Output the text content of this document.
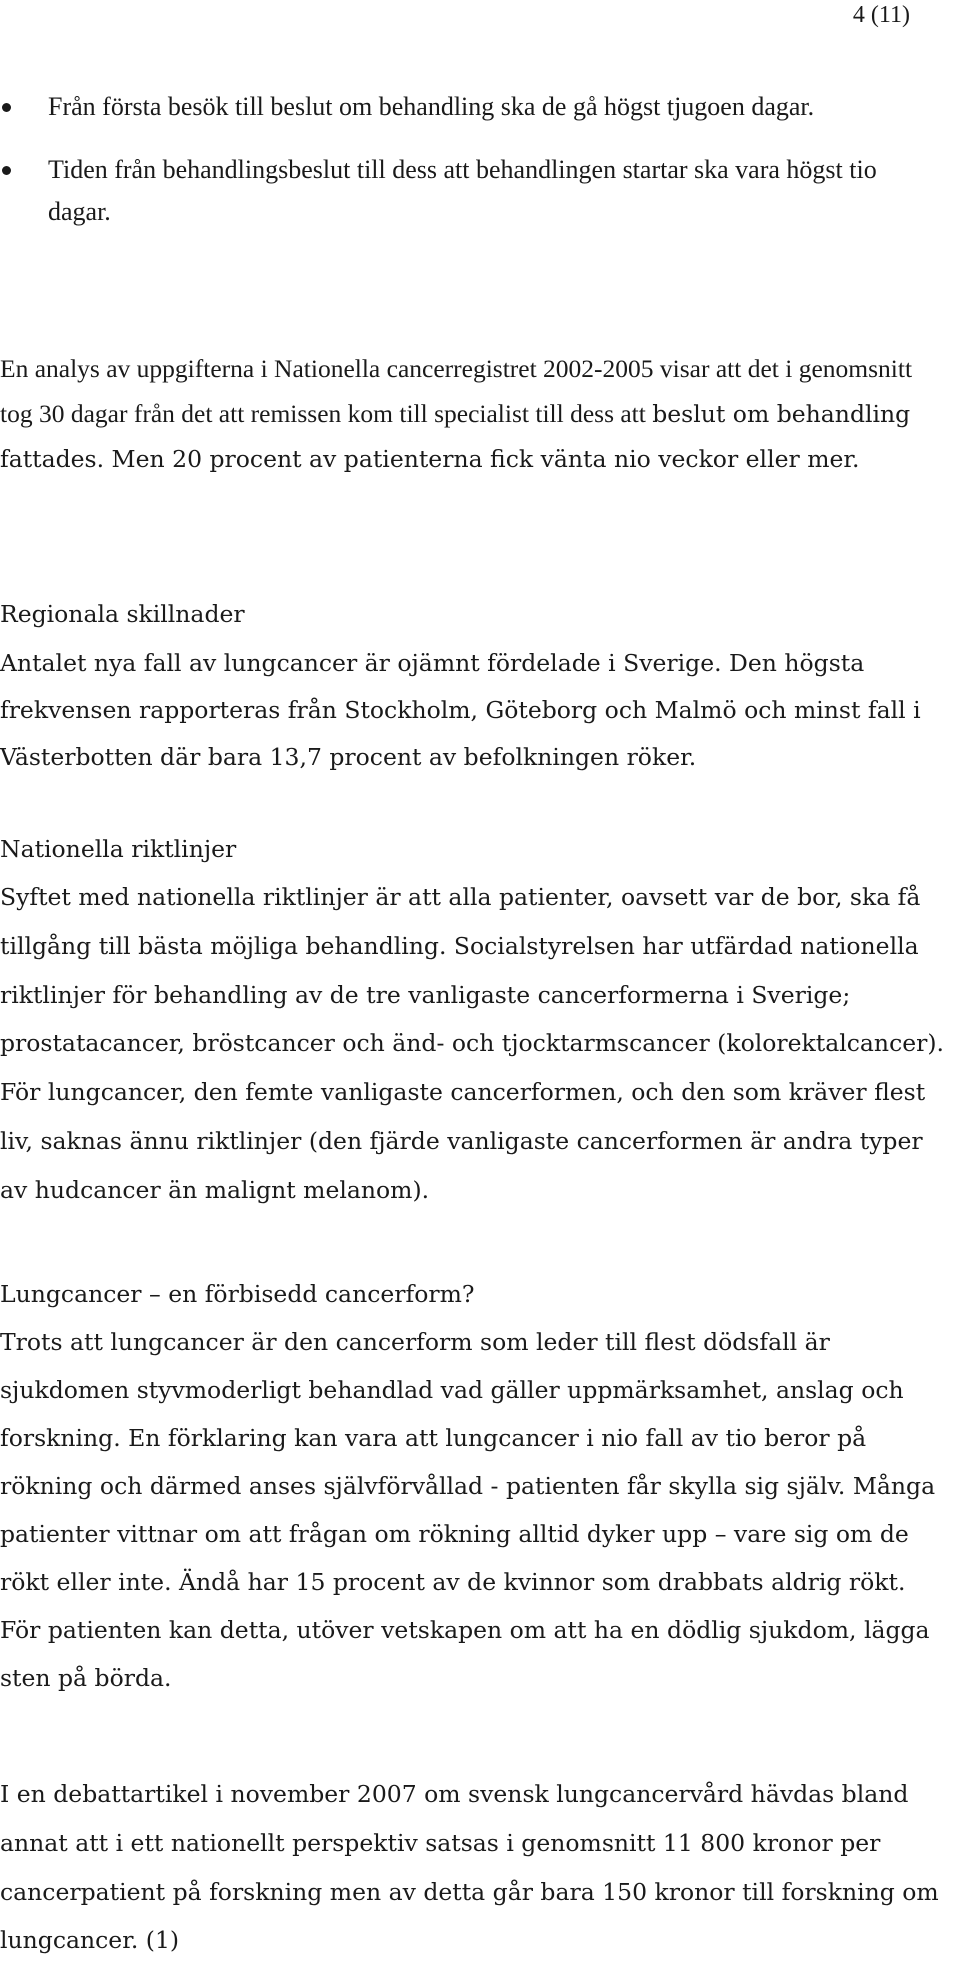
4 (11)
Från första besök till beslut om behandling ska de gå högst tjugoen dagar.
Tiden från behandlingsbeslut till dess att behandlingen startar ska vara högst tio dagar.

En analys av uppgifterna i Nationella cancerregistret 2002-2005 visar att det i genomsnitt tog 30 dagar från det att remissen kom till specialist till dess att beslut om behandling fattades. Men 20 procent av patienterna fick vänta nio veckor eller mer.

Regionala skillnader

Antalet nya fall av lungcancer är ojämnt fördelade i Sverige. Den högsta frekvensen rapporteras från Stockholm, Göteborg och Malmö och minst fall i Västerbotten där bara 13,7 procent av befolkningen röker.

Nationella riktlinjer

Syftet med nationella riktlinjer är att alla patienter, oavsett var de bor, ska få tillgång till bästa möjliga behandling. Socialstyrelsen har utfärdad nationella riktlinjer för behandling av de tre vanligaste cancerformerna i Sverige; prostatacancer, bröstcancer och änd- och tjocktarmscancer (kolorektalcancer). För lungcancer, den femte vanligaste cancerformen, och den som kräver flest liv, saknas ännu riktlinjer (den fjärde vanligaste cancerformen är andra typer av hudcancer än malignt melanom).

Lungcancer – en förbisedd cancerform?

Trots att lungcancer är den cancerform som leder till flest dödsfall är sjukdomen styvmoderligt behandlad vad gäller uppmärksamhet, anslag och forskning. En förklaring kan vara att lungcancer i nio fall av tio beror på rökning och därmed anses självförvållad - patienten får skylla sig själv. Många patienter vittnar om att frågan om rökning alltid dyker upp – vare sig om de rökt eller inte. Ändå har 15 procent av de kvinnor som drabbats aldrig rökt. För patienten kan detta, utöver vetskapen om att ha en dödlig sjukdom, lägga sten på börda.

I en debattartikel i november 2007 om svensk lungcancervård hävdas bland annat att i ett nationellt perspektiv satsas i genomsnitt 11 800 kronor per cancerpatient på forskning men av detta går bara 150 kronor till forskning om lungcancer. (1)
